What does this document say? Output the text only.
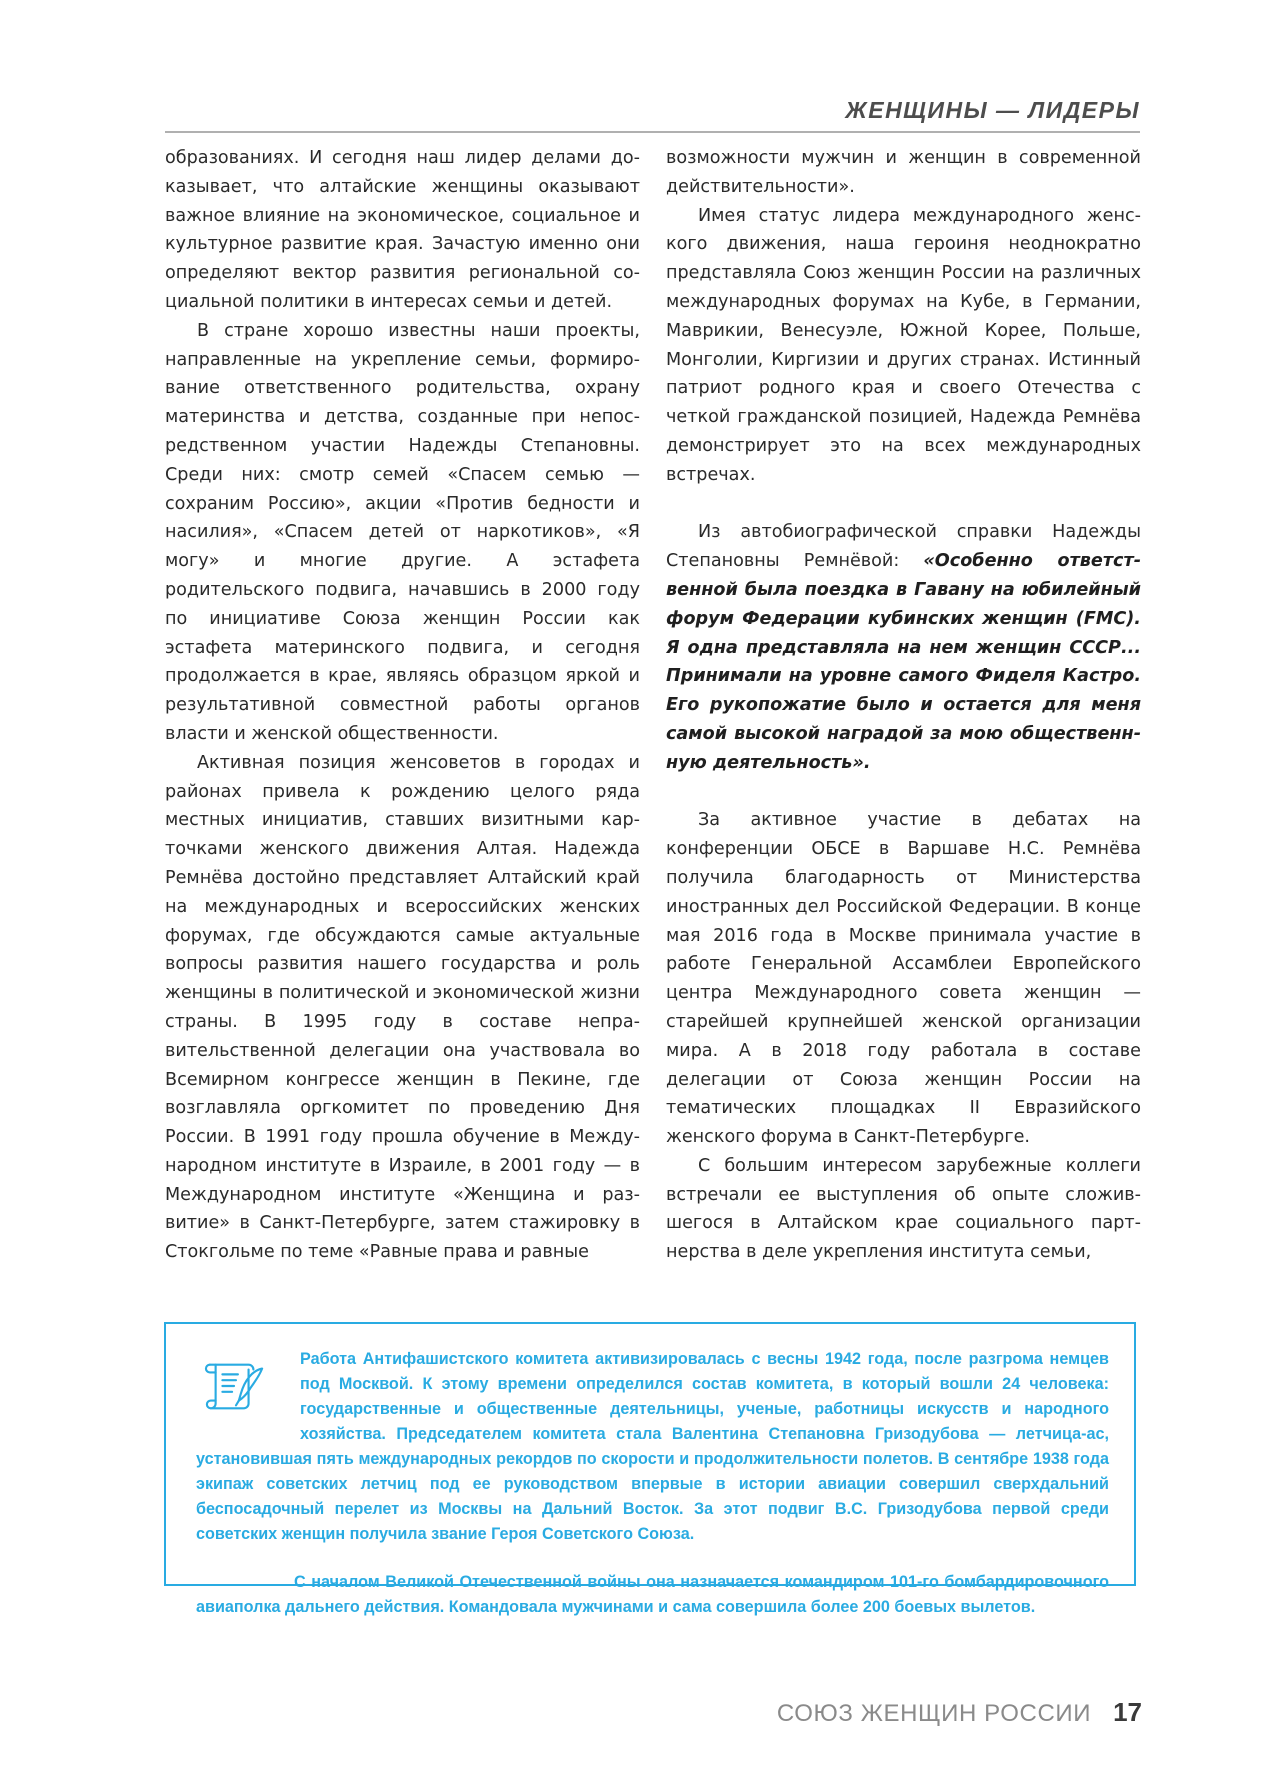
ЖЕНЩИНЫ — ЛИДЕРЫ

образованиях. И сегодня наш лидер делами доказывает, что алтайские женщины оказывают важное влияние на экономическое, социальное и культурное развитие края. Зачастую именно они определяют вектор развития региональной социальной политики в интересах семьи и детей.

В стране хорошо известны наши проекты, направленные на укрепление семьи, формирование ответственного родительства, охрану материнства и детства, созданные при непосредственном участии Надежды Степановны. Среди них: смотр семей «Спасем семью — сохраним Россию», акции «Против бедности и насилия», «Спасем детей от наркотиков», «Я могу» и многие другие. А эстафета родительского подвига, начавшись в 2000 году по инициативе Союза женщин России как эстафета материнского подвига, и сегодня продолжается в крае, являясь образцом яркой и результативной совместной работы органов власти и женской общественности.

Активная позиция женсоветов в городах и районах привела к рождению целого ряда местных инициатив, ставших визитными карточками женского движения Алтая. Надежда Ремнёва достойно представляет Алтайский край на международных и всероссийских женских форумах, где обсуждаются самые актуальные вопросы развития нашего государства и роль женщины в политической и экономической жизни страны. В 1995 году в составе неправительственной делегации она участвовала во Всемирном конгрессе женщин в Пекине, где возглавляла оргкомитет по проведению Дня России. В 1991 году прошла обучение в Международном институте в Израиле, в 2001 году — в Международном институте «Женщина и развитие» в Санкт-Петербурге, затем стажировку в Стокгольме по теме «Равные права и равные

возможности мужчин и женщин в современной действительности».

Имея статус лидера международного женского движения, наша героиня неоднократно представляла Союз женщин России на различных международных форумах на Кубе, в Германии, Маврикии, Венесуэле, Южной Корее, Польше, Монголии, Киргизии и других странах. Истинный патриот родного края и своего Отечества с четкой гражданской позицией, Надежда Ремнёва демонстрирует это на всех международных встречах.

Из автобиографической справки Надежды Степановны Ремнёвой: «Особенно ответственной была поездка в Гавану на юбилейный форум Федерации кубинских женщин (FMC). Я одна представляла на нем женщин СССР... Принимали на уровне самого Фиделя Кастро. Его рукопожатие было и остается для меня самой высокой наградой за мою общественнную деятельность».

За активное участие в дебатах на конференции ОБСЕ в Варшаве Н.С. Ремнёва получила благодарность от Министерства иностранных дел Российской Федерации. В конце мая 2016 года в Москве принимала участие в работе Генеральной Ассамблеи Европейского центра Международного совета женщин — старейшей крупнейшей женской организации мира. А в 2018 году работала в составе делегации от Союза женщин России на тематических площадках II Евразийского женского форума в Санкт-Петербурге.

С большим интересом зарубежные коллеги встречали ее выступления об опыте сложившегося в Алтайском крае социального партнерства в деле укрепления института семьи,

Работа Антифашистского комитета активизировалась с весны 1942 года, после разгрома немцев под Москвой. К этому времени определился состав комитета, в который вошли 24 человека: государственные и общественные деятельницы, ученые, работницы искусств и народного хозяйства. Председателем комитета стала Валентина Степановна Гризодубова — летчица-ас, установившая пять международных рекордов по скорости и продолжительности полетов. В сентябре 1938 года экипаж советских летчиц под ее руководством впервые в истории авиации совершил сверхдальний беспосадочный перелет из Москвы на Дальний Восток. За этот подвиг В.С. Гризодубова первой среди советских женщин получила звание Героя Советского Союза.

С началом Великой Отечественной войны она назначается командиром 101-го бомбардировочного авиаполка дальнего действия. Командовала мужчинами и сама совершила более 200 боевых вылетов.

СОЮЗ ЖЕНЩИН РОССИИ 17
